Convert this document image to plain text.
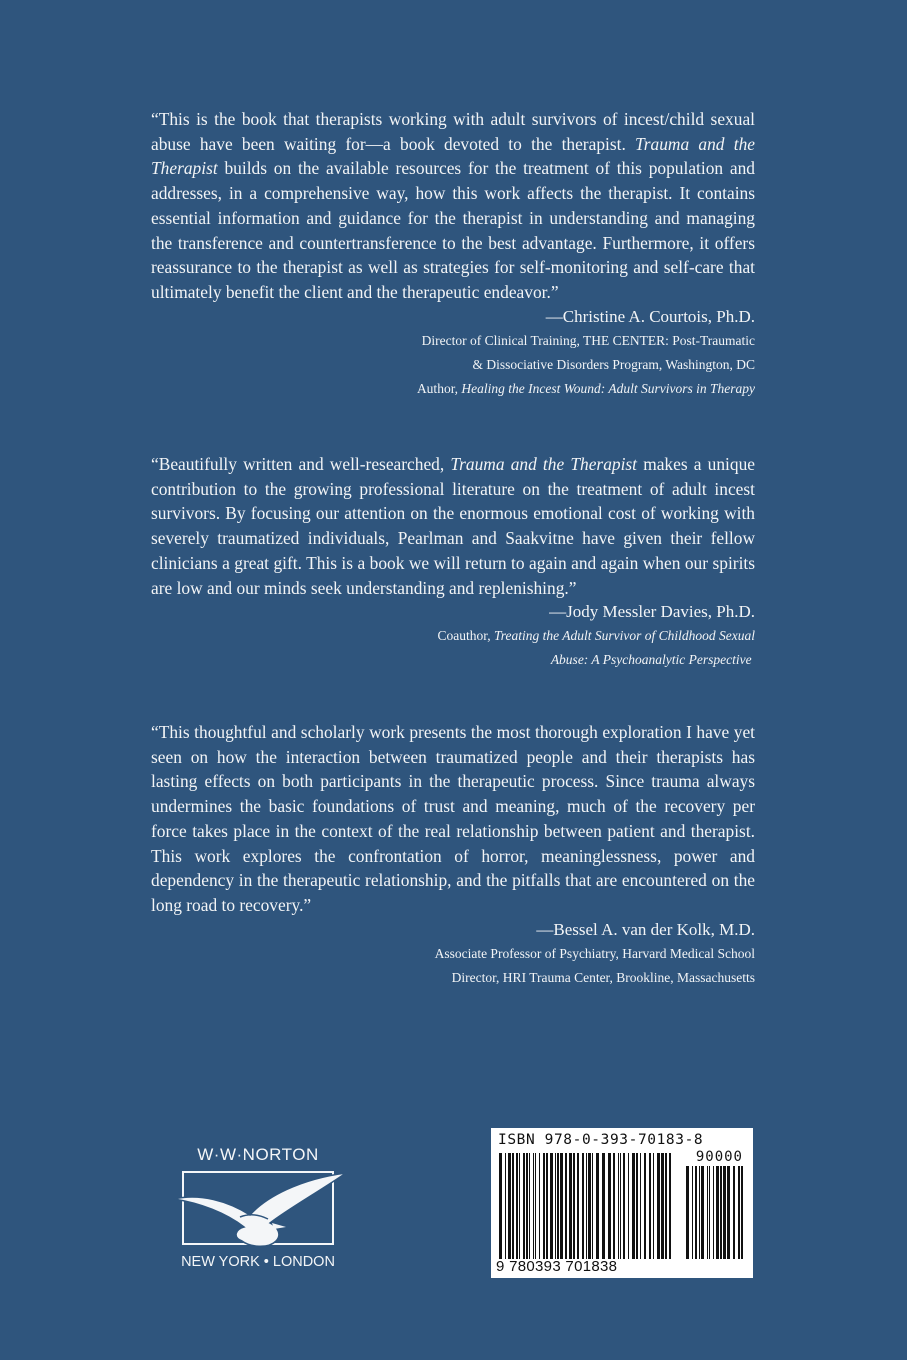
“This is the book that therapists working with adult survivors of incest/child sexual abuse have been waiting for—a book devoted to the therapist. Trauma and the Therapist builds on the available resources for the treatment of this population and addresses, in a comprehensive way, how this work affects the therapist. It contains essential information and guidance for the therapist in understanding and managing the transference and countertransference to the best advantage. Furthermore, it offers reassurance to the therapist as well as strategies for self-monitoring and self-care that ultimately benefit the client and the therapeutic endeavor.”

—Christine A. Courtois, Ph.D.

Director of Clinical Training, THE CENTER: Post-Traumatic

& Dissociative Disorders Program, Washington, DC

Author, Healing the Incest Wound: Adult Survivors in Therapy

“Beautifully written and well-researched, Trauma and the Therapist makes a unique contribution to the growing professional literature on the treatment of adult incest survivors. By focusing our attention on the enormous emotional cost of working with severely traumatized individuals, Pearlman and Saakvitne have given their fellow clinicians a great gift. This is a book we will return to again and again when our spirits are low and our minds seek understanding and replenishing.”

—Jody Messler Davies, Ph.D.

Coauthor, Treating the Adult Survivor of Childhood Sexual

Abuse: A Psychoanalytic Perspective

“This thoughtful and scholarly work presents the most thorough exploration I have yet seen on how the interaction between traumatized people and their therapists has lasting effects on both participants in the therapeutic process. Since trauma always undermines the basic foundations of trust and meaning, much of the recovery per force takes place in the context of the real relationship between patient and therapist. This work explores the confrontation of horror, meaninglessness, power and dependency in the therapeutic relationship, and the pitfalls that are encountered on the long road to recovery.”

—Bessel A. van der Kolk, M.D.

Associate Professor of Psychiatry, Harvard Medical School

Director, HRI Trauma Center, Brookline, Massachusetts

W·W·NORTON

NEW YORK • LONDON

ISBN 978-0-393-70183-8
90000
9 780393 701838
